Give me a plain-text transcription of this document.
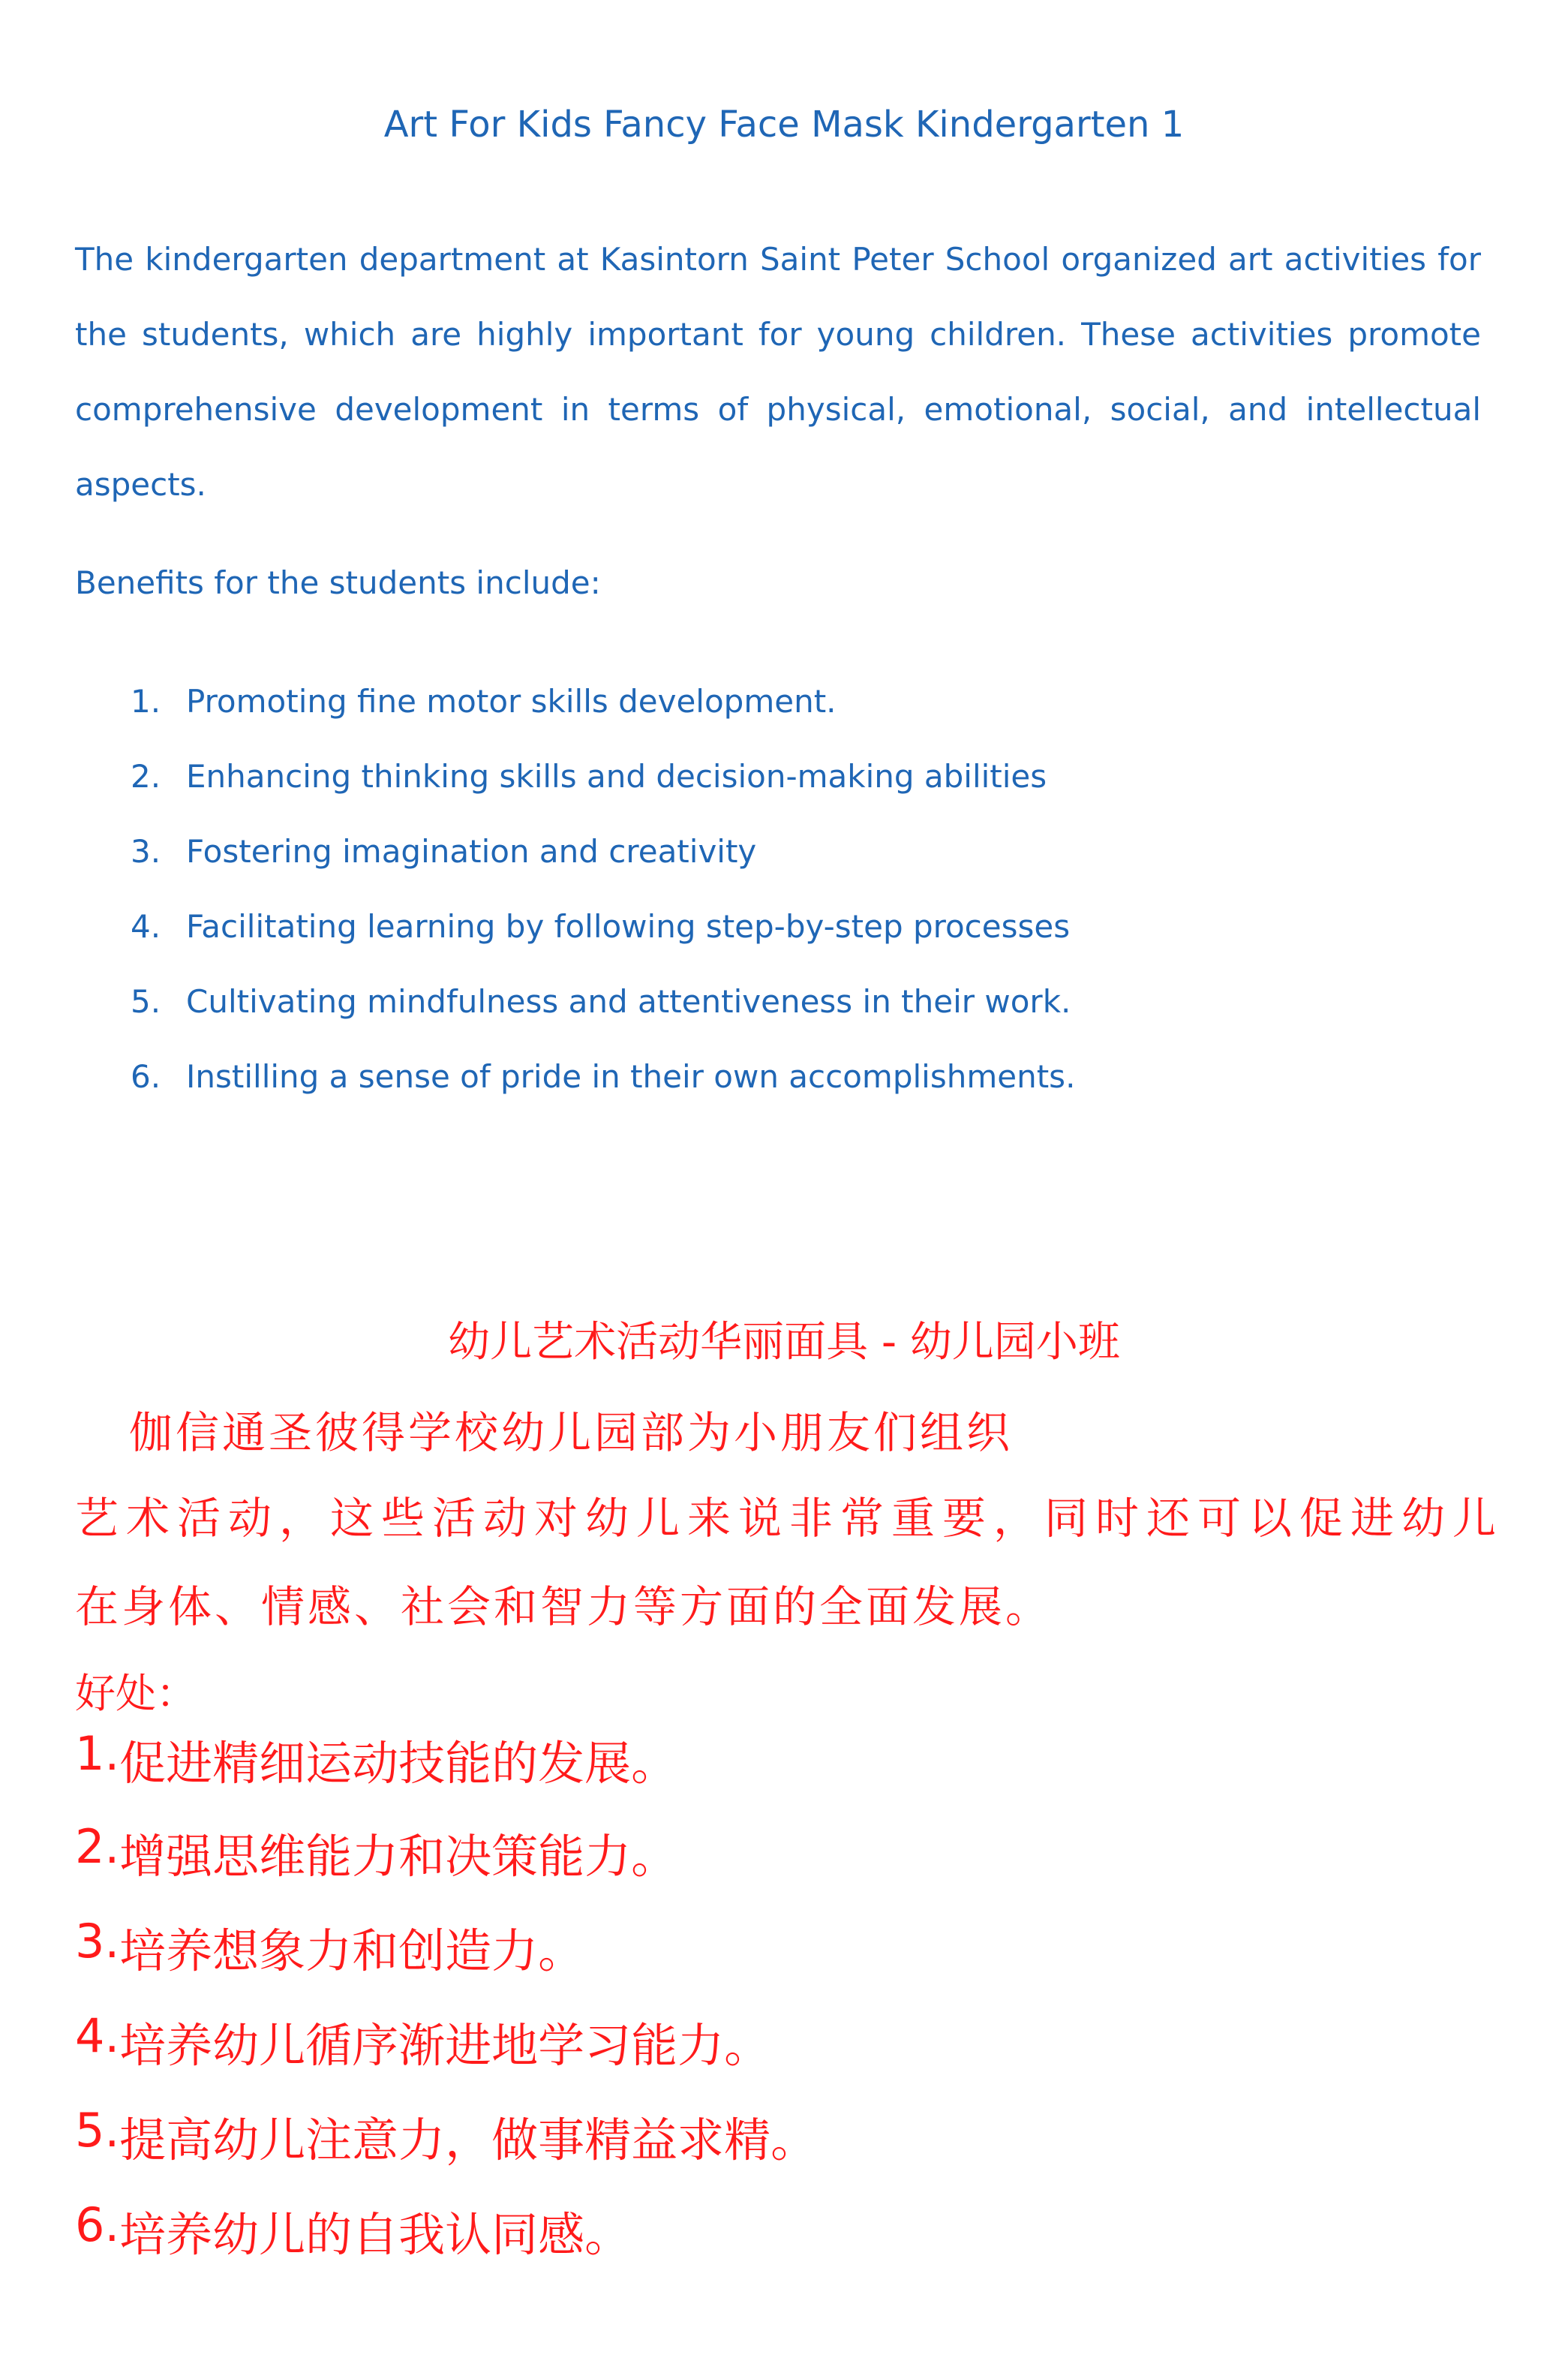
Art For Kids Fancy Face Mask Kindergarten 1

The kindergarten department at Kasintorn Saint Peter School organized art activities for the students, which are highly important for young children. These activities promote comprehensive development in terms of physical, emotional, social, and intellectual aspects.

Benefits for the students include:
1. Promoting fine motor skills development.
2. Enhancing thinking skills and decision-making abilities
3. Fostering imagination and creativity
4. Facilitating learning by following step-by-step processes
5. Cultivating mindfulness and attentiveness in their work.
6. Instilling a sense of pride in their own accomplishments.
幼儿艺术活动华丽面具 - 幼儿园小班
伽信通圣彼得学校幼儿园部为小朋友们组织
艺术活动，这些活动对幼儿来说非常重要，同时还可以促进幼儿
在身体、情感、社会和智力等方面的全面发展。
好处：
1. 促进精细运动技能的发展。
2. 增强思维能力和决策能力。
3. 培养想象力和创造力。
4. 培养幼儿循序渐进地学习能力。
5. 提高幼儿注意力，做事精益求精。
6. 培养幼儿的自我认同感。
